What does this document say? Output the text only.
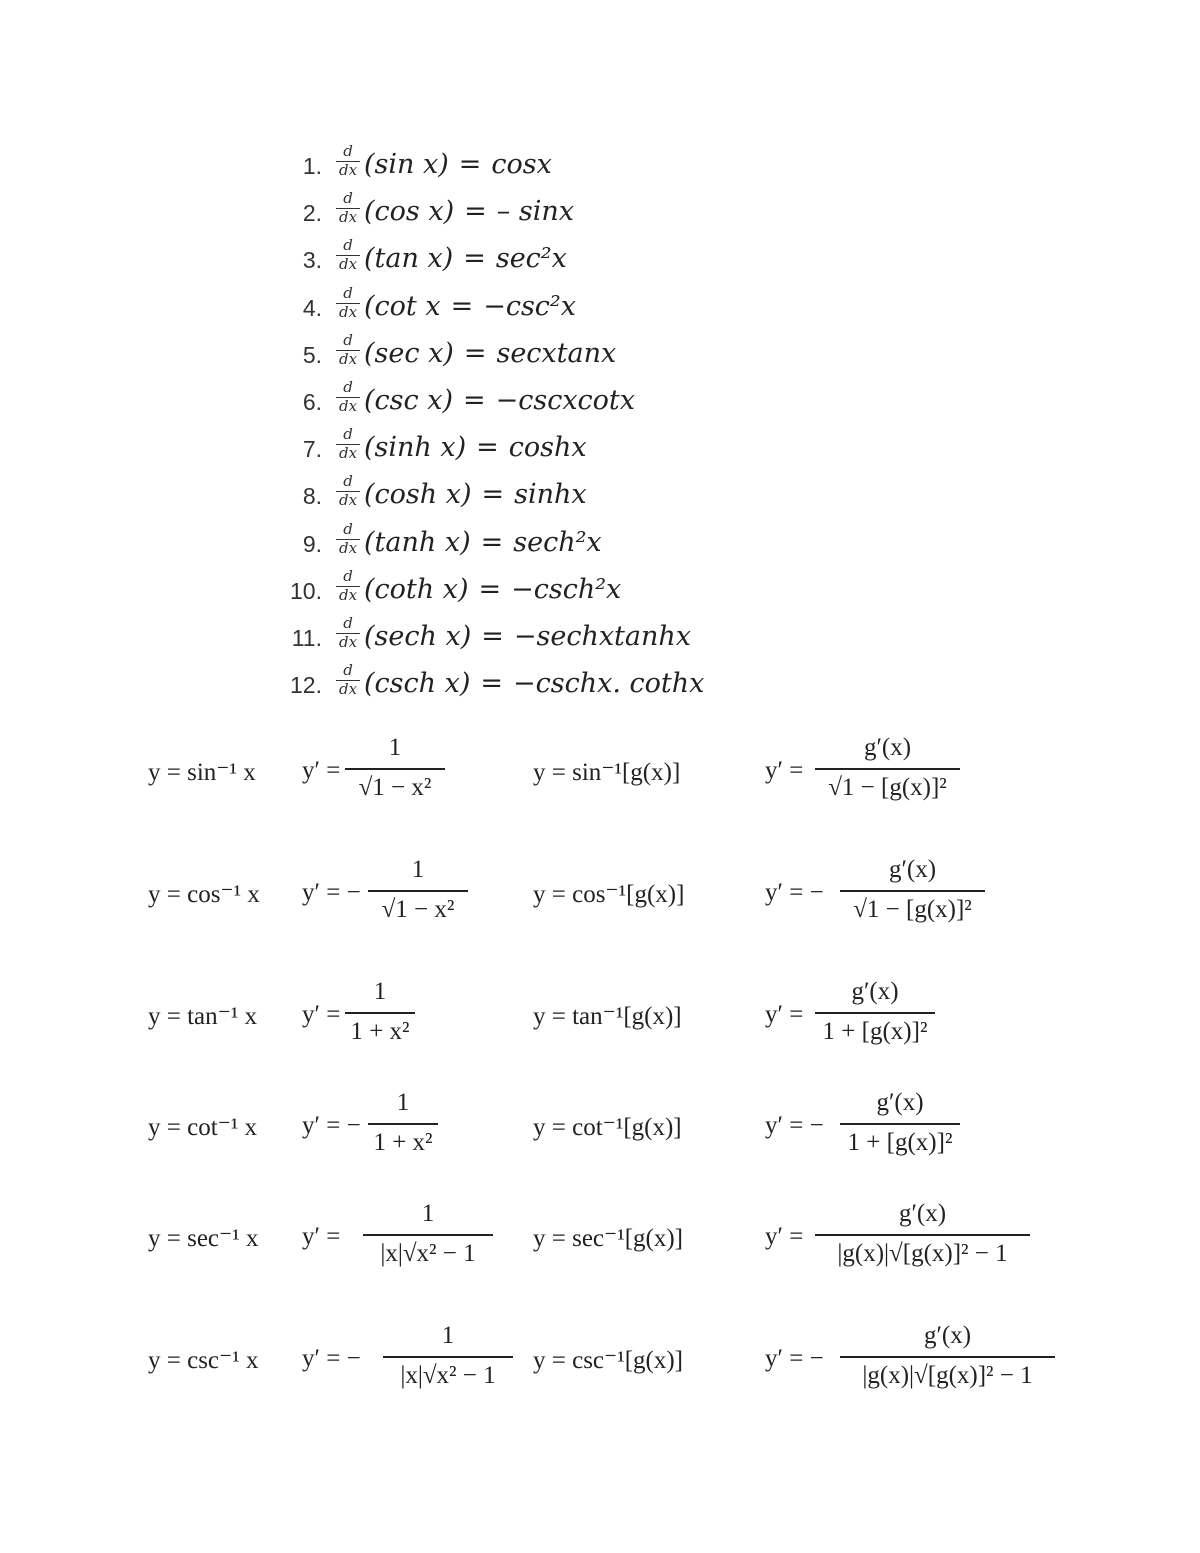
1.
d
dx (sin x) = cosx
2.
d
dx (cos x) = – sinx
3.
d
dx (tan x) = sec²x
4.
d
dx (cot x = −csc²x
5.
d
dx (sec x) = secxtanx
6.
d
dx (csc x) = −cscxcotx
7.
d
dx (sinh x) = coshx
8.
d
dx (cosh x) = sinhx
9.
d
dx (tanh x) = sech²x
10.
d
dx (coth x) = −csch²x
11.
d
dx (sech x) = −sechxtanhx
12.
d
dx (csch x) = −cschx. cothx
y = sin⁻¹ x $y' = \frac{1}{\text{√1 − x²}}$	y = sin⁻¹[g(x)]	$y' = \frac{g'(x)}{\text{√1 − [g(x)]²}}$
y = cos⁻¹ x y′ = − $\frac{1}{\text{√1 − x²}}$	y = cos⁻¹[g(x)]	y′ = − $\frac{g'(x)}{\text{√1 − [g(x)]²}}$
y = tan⁻¹ x $y' = \frac{1}{\text{1 + x²}}$	y = tan⁻¹[g(x)]	$y' = \frac{g'(x)}{\text{1 + [g(x)]²}}$
y = cot⁻¹ x y′ = − $\frac{1}{\text{1 + x²}}$	y = cot⁻¹[g(x)]	y′ = − $\frac{g'(x)}{\text{1 + [g(x)]²}}$
y = sec⁻¹ x $y' = \frac{1}{\text{|x|√x² − 1}}$ y = sec⁻¹[g(x)]	$y' = \frac{g'(x)}{\text{|g(x)|√[g(x)]² − 1}}$
y = csc⁻¹ x y′ = − $\frac{1}{\text{|x|√x² − 1}}$ y = csc⁻¹[g(x)]	y′ = − $\frac{g'(x)}{\text{|g(x)|√[g(x)]² − 1}}$
